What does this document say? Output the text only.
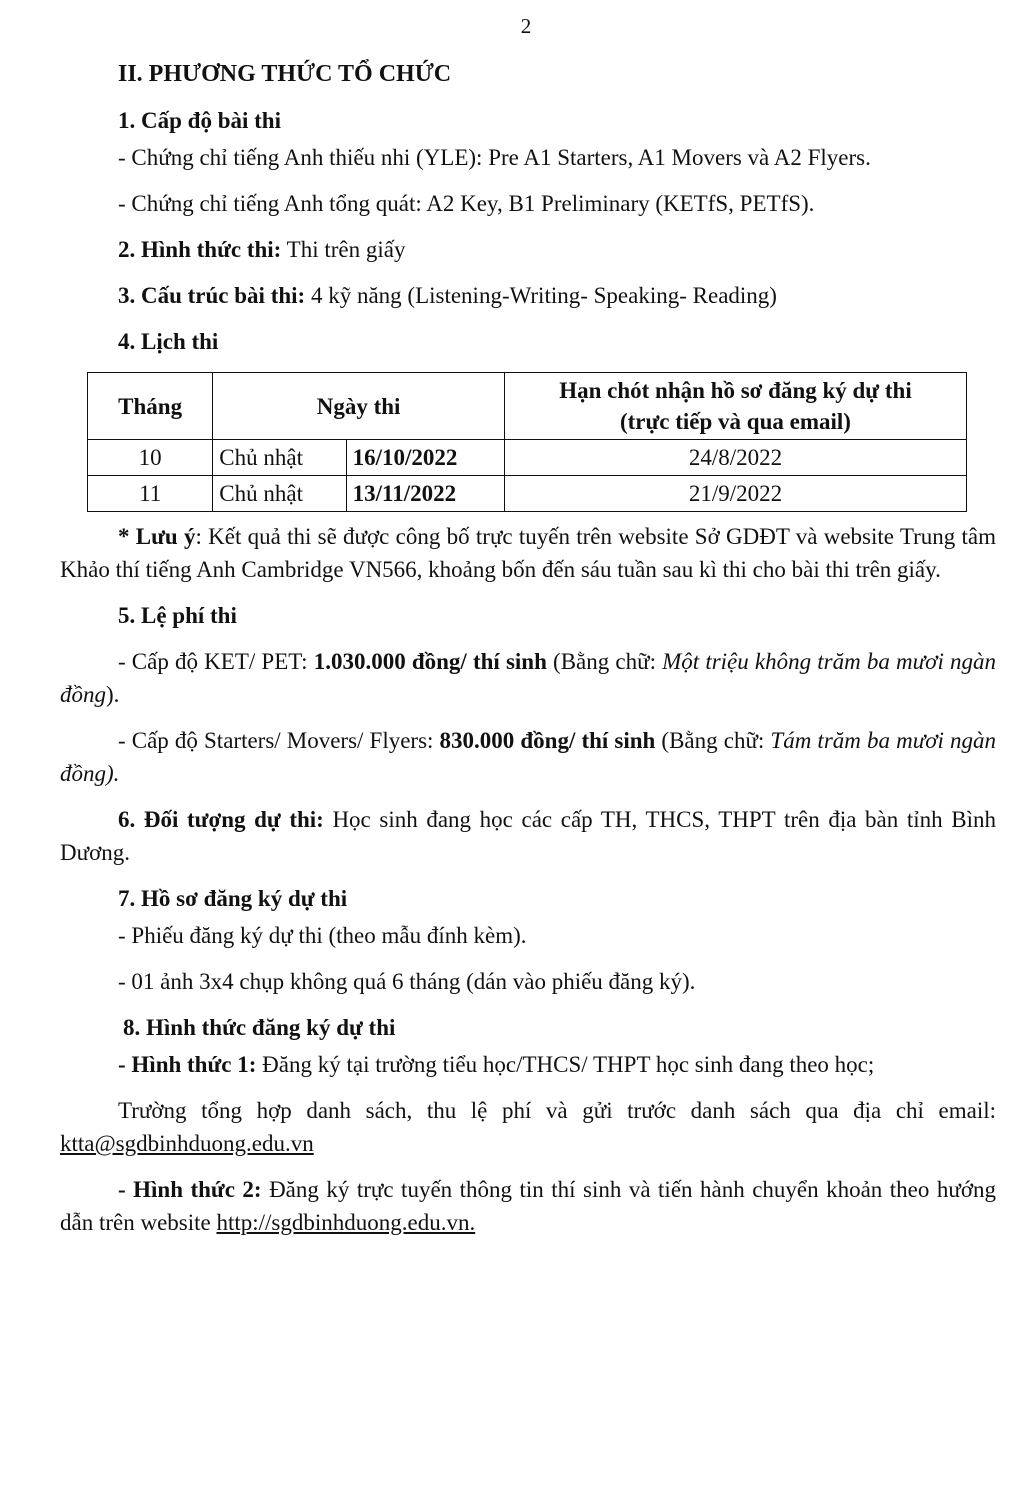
2

II. PHƯƠNG THỨC TỔ CHỨC

1. Cấp độ bài thi

- Chứng chỉ tiếng Anh thiếu nhi (YLE): Pre A1 Starters, A1 Movers và A2 Flyers.

- Chứng chỉ tiếng Anh tổng quát: A2 Key, B1 Preliminary (KETfS, PETfS).

2. Hình thức thi: Thi trên giấy

3. Cấu trúc bài thi: 4 kỹ năng (Listening-Writing- Speaking- Reading)

4. Lịch thi

Tháng	Ngày thi		Hạn chót nhận hồ sơ đăng ký dự thi
(trực tiếp và qua email)
10	Chủ nhật	16/10/2022	24/8/2022
11	Chủ nhật	13/11/2022	21/9/2022

* Lưu ý: Kết quả thi sẽ được công bố trực tuyến trên website Sở GDĐT và website Trung tâm Khảo thí tiếng Anh Cambridge VN566, khoảng bốn đến sáu tuần sau kì thi cho bài thi trên giấy.

5. Lệ phí thi

- Cấp độ KET/ PET: 1.030.000 đồng/ thí sinh (Bằng chữ: Một triệu không trăm ba mươi ngàn đồng).

- Cấp độ Starters/ Movers/ Flyers: 830.000 đồng/ thí sinh (Bằng chữ: Tám trăm ba mươi ngàn đồng).

6. Đối tượng dự thi: Học sinh đang học các cấp TH, THCS, THPT trên địa bàn tỉnh Bình Dương.

7. Hồ sơ đăng ký dự thi

- Phiếu đăng ký dự thi (theo mẫu đính kèm).

- 01 ảnh 3x4 chụp không quá 6 tháng (dán vào phiếu đăng ký).

8. Hình thức đăng ký dự thi

- Hình thức 1: Đăng ký tại trường tiểu học/THCS/ THPT học sinh đang theo học;

Trường tổng hợp danh sách, thu lệ phí và gửi trước danh sách qua địa chỉ email: ktta@sgdbinhduong.edu.vn

- Hình thức 2: Đăng ký trực tuyến thông tin thí sinh và tiến hành chuyển khoản theo hướng dẫn trên website http://sgdbinhduong.edu.vn.
